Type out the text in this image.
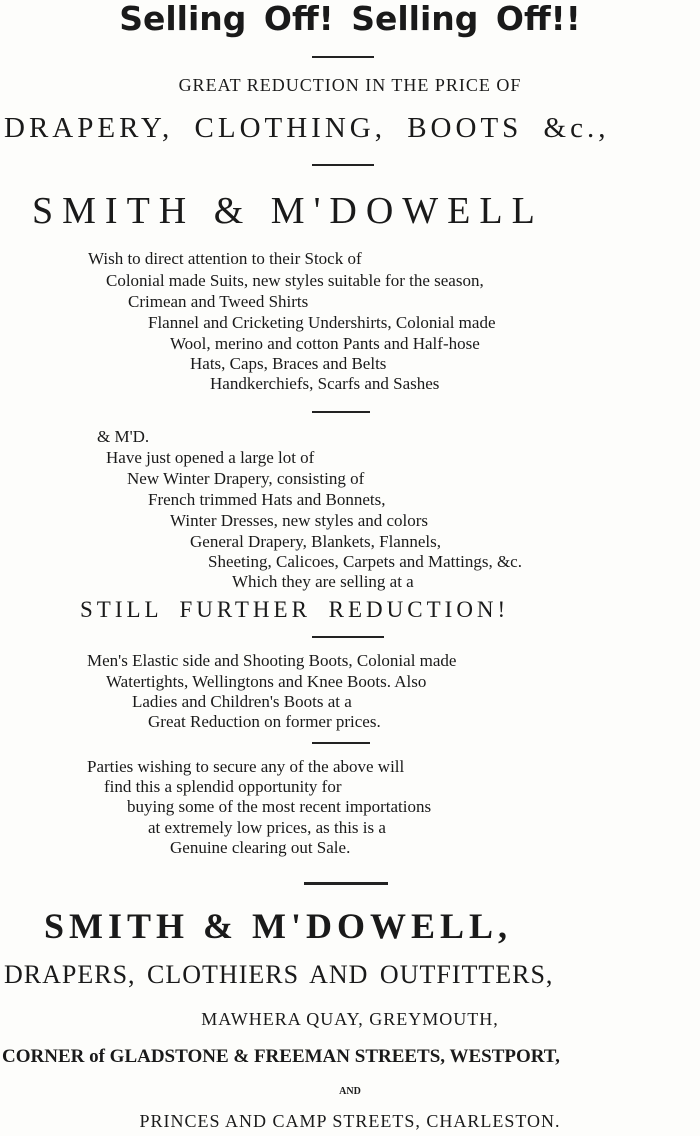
Selling Off! Selling Off!!
GREAT REDUCTION IN THE PRICE OF
DRAPERY, CLOTHING, BOOTS &c.,
SMITH & M'DOWELL
Wish to direct attention to their Stock of
Colonial made Suits, new styles suitable for the season,
Crimean and Tweed Shirts
Flannel and Cricketing Undershirts, Colonial made
Wool, merino and cotton Pants and Half-hose
Hats, Caps, Braces and Belts
Handkerchiefs, Scarfs and Sashes
& M'D.
Have just opened a large lot of
New Winter Drapery, consisting of
French trimmed Hats and Bonnets,
Winter Dresses, new styles and colors
General Drapery, Blankets, Flannels,
Sheeting, Calicoes, Carpets and Mattings, &c.
Which they are selling at a
STILL FURTHER REDUCTION!
Men's Elastic side and Shooting Boots, Colonial made
Watertights, Wellingtons and Knee Boots. Also
Ladies and Children's Boots at a
Great Reduction on former prices.
Parties wishing to secure any of the above will
find this a splendid opportunity for
buying some of the most recent importations
at extremely low prices, as this is a
Genuine clearing out Sale.
SMITH & M'DOWELL,
DRAPERS, CLOTHIERS AND OUTFITTERS,
MAWHERA QUAY, GREYMOUTH,
CORNER of GLADSTONE & FREEMAN STREETS, WESTPORT,
AND
PRINCES AND CAMP STREETS, CHARLESTON.
